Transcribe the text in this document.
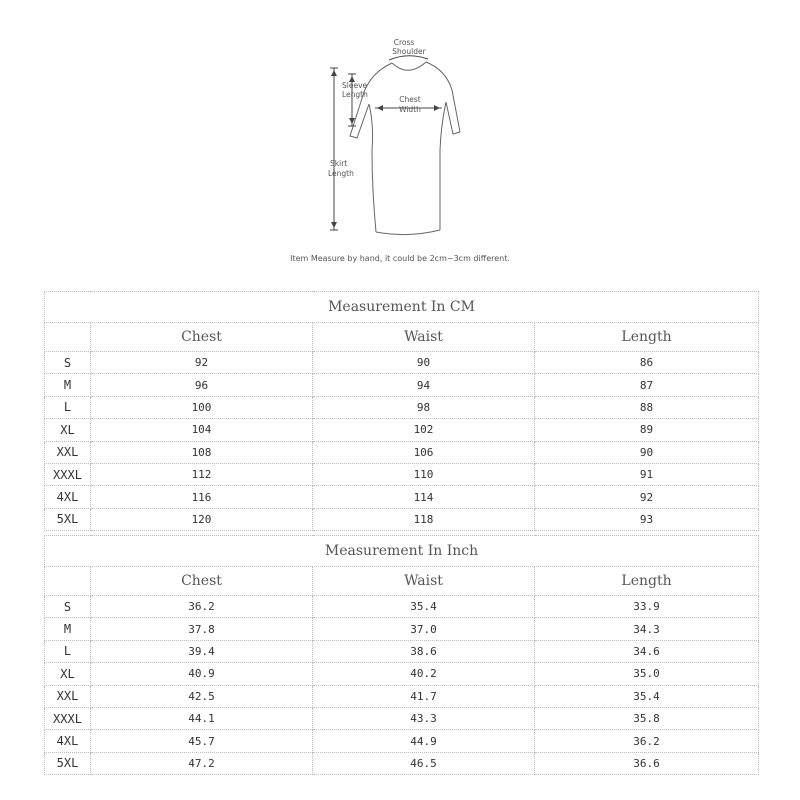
Cross
Shoulder
Sleeve
Length
Chest
Width
Skirt
Length
Item Measure by hand, it could be 2cm~3cm different.
Measurement In CM			
	Chest	Waist	Length
S	92	90	86
M	96	94	87
L	100	98	88
XL	104	102	89
XXL	108	106	90
XXXL	112	110	91
4XL	116	114	92
5XL	120	118	93
Measurement In Inch			
	Chest	Waist	Length
S	36.2	35.4	33.9
M	37.8	37.0	34.3
L	39.4	38.6	34.6
XL	40.9	40.2	35.0
XXL	42.5	41.7	35.4
XXXL	44.1	43.3	35.8
4XL	45.7	44.9	36.2
5XL	47.2	46.5	36.6
